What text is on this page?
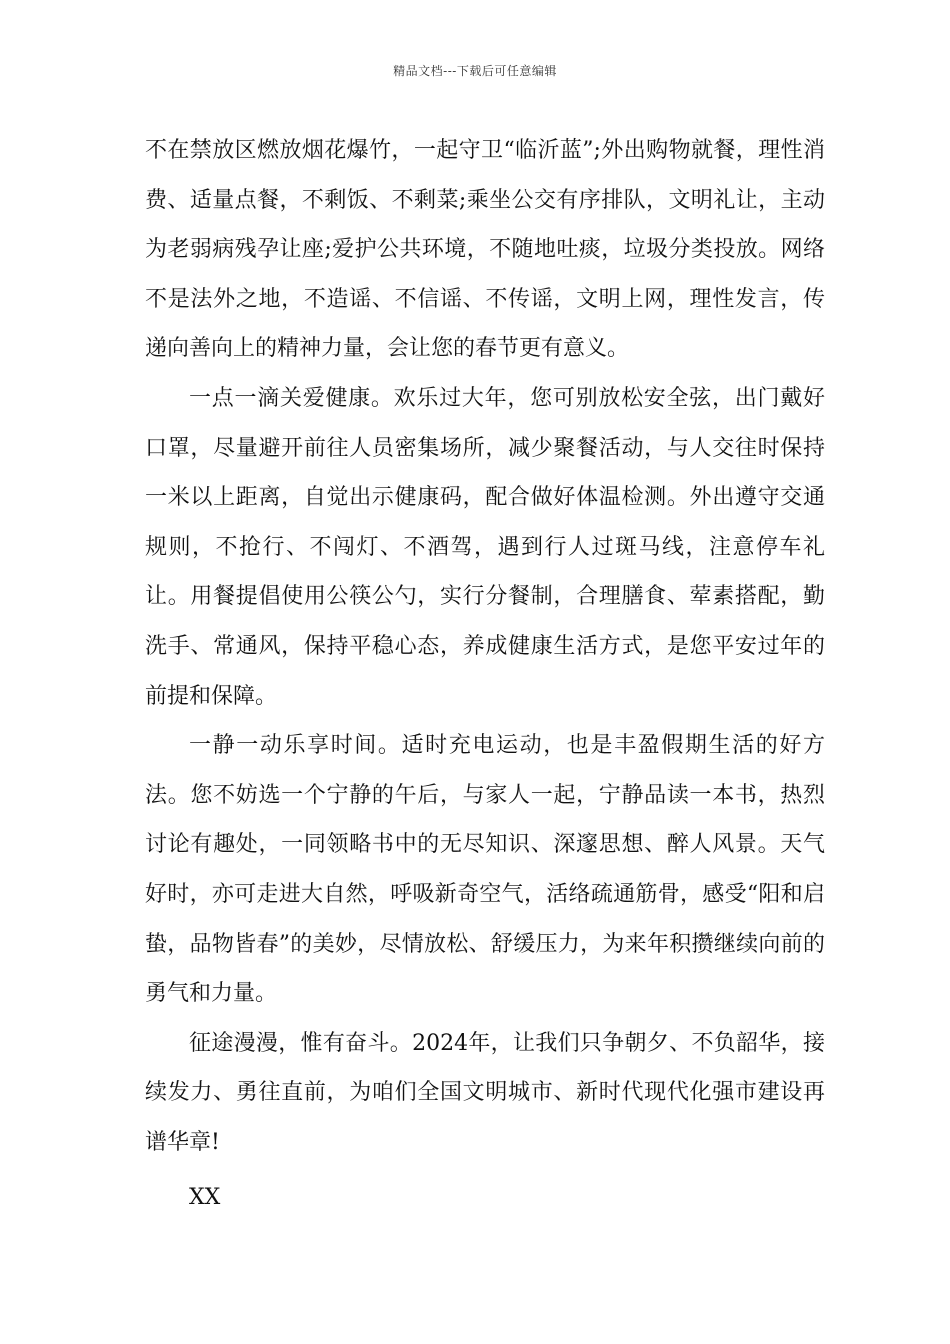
精品文档---下载后可任意编辑

不在禁放区燃放烟花爆竹，一起守卫“临沂蓝”;外出购物就餐，理性消费、适量点餐，不剩饭、不剩菜;乘坐公交有序排队，文明礼让，主动为老弱病残孕让座;爱护公共环境，不随地吐痰，垃圾分类投放。网络不是法外之地，不造谣、不信谣、不传谣，文明上网，理性发言，传递向善向上的精神力量，会让您的春节更有意义。

一点一滴关爱健康。欢乐过大年，您可别放松安全弦，出门戴好口罩，尽量避开前往人员密集场所，减少聚餐活动，与人交往时保持一米以上距离，自觉出示健康码，配合做好体温检测。外出遵守交通规则，不抢行、不闯灯、不酒驾，遇到行人过斑马线，注意停车礼让。用餐提倡使用公筷公勺，实行分餐制，合理膳食、荤素搭配，勤洗手、常通风，保持平稳心态，养成健康生活方式，是您平安过年的前提和保障。

一静一动乐享时间。适时充电运动，也是丰盈假期生活的好方法。您不妨选一个宁静的午后，与家人一起，宁静品读一本书，热烈讨论有趣处，一同领略书中的无尽知识、深邃思想、醉人风景。天气好时，亦可走进大自然，呼吸新奇空气，活络疏通筋骨，感受“阳和启蛰，品物皆春”的美妙，尽情放松、舒缓压力，为来年积攒继续向前的勇气和力量。

征途漫漫，惟有奋斗。2024年，让我们只争朝夕、不负韶华，接续发力、勇往直前，为咱们全国文明城市、新时代现代化强市建设再谱华章!

XX
